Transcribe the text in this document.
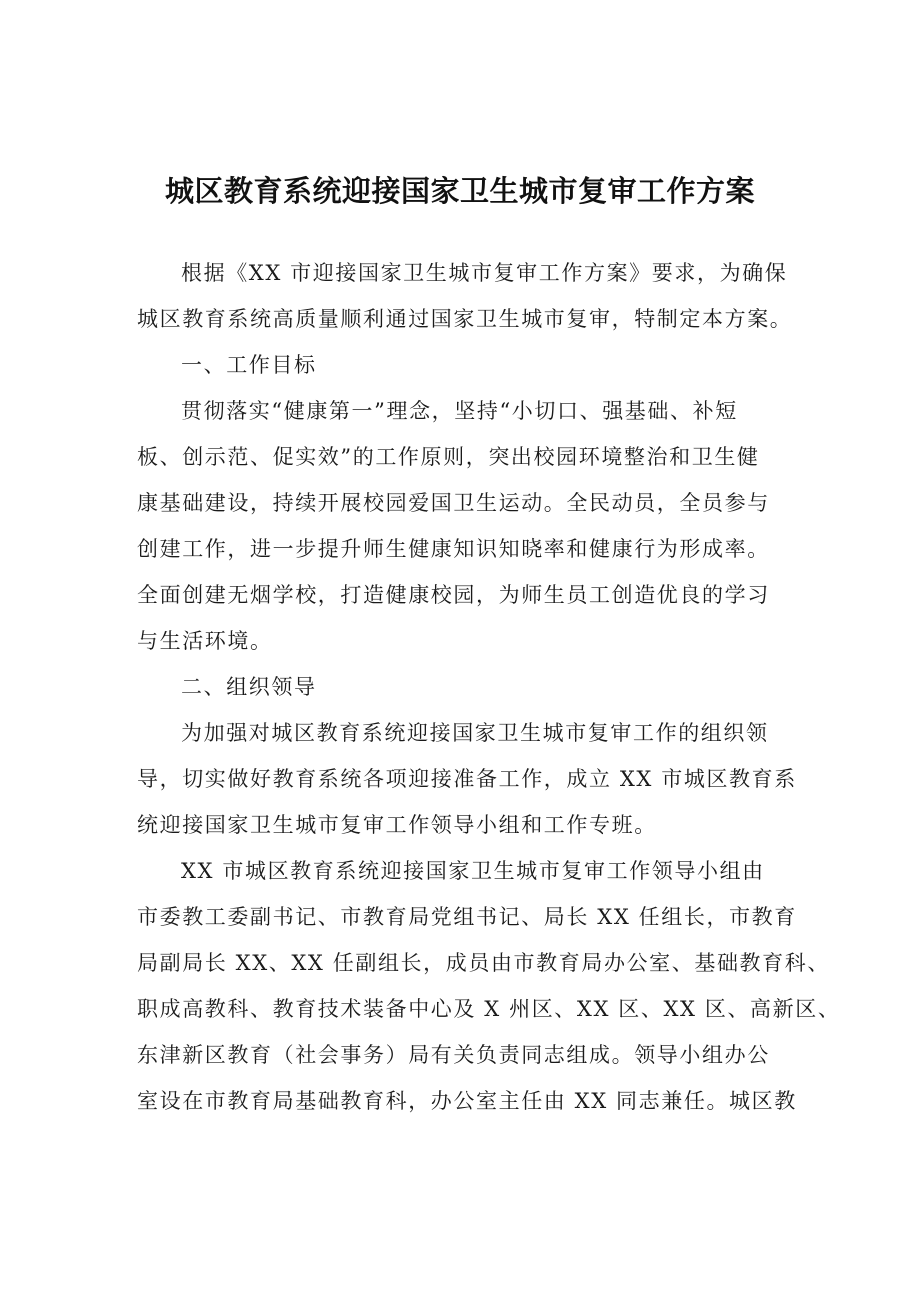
城区教育系统迎接国家卫生城市复审工作方案
根据《XX 市迎接国家卫生城市复审工作方案》要求，为确保
城区教育系统高质量顺利通过国家卫生城市复审，特制定本方案。
一、工作目标
贯彻落实“健康第一”理念，坚持“小切口、强基础、补短
板、创示范、促实效”的工作原则，突出校园环境整治和卫生健
康基础建设，持续开展校园爱国卫生运动。全民动员，全员参与
创建工作，进一步提升师生健康知识知晓率和健康行为形成率。
全面创建无烟学校，打造健康校园，为师生员工创造优良的学习
与生活环境。
二、组织领导
为加强对城区教育系统迎接国家卫生城市复审工作的组织领
导，切实做好教育系统各项迎接准备工作，成立 XX 市城区教育系
统迎接国家卫生城市复审工作领导小组和工作专班。
XX 市城区教育系统迎接国家卫生城市复审工作领导小组由
市委教工委副书记、市教育局党组书记、局长 XX 任组长，市教育
局副局长 XX、XX 任副组长，成员由市教育局办公室、基础教育科、
职成高教科、教育技术装备中心及 X 州区、XX 区、XX 区、高新区、
东津新区教育（社会事务）局有关负责同志组成。领导小组办公
室设在市教育局基础教育科，办公室主任由 XX 同志兼任。城区教
